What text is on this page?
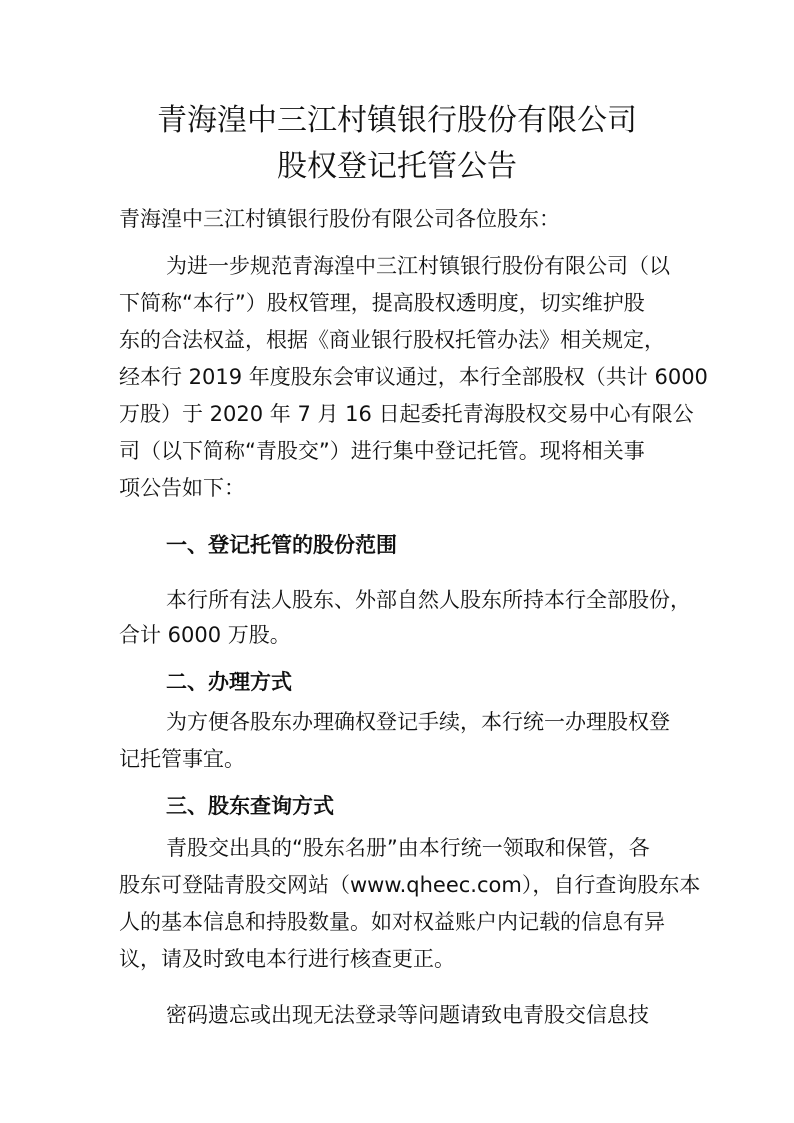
青海湟中三江村镇银行股份有限公司
股权登记托管公告
青海湟中三江村镇银行股份有限公司各位股东：
为进一步规范青海湟中三江村镇银行股份有限公司（以
下简称“本行”）股权管理，提高股权透明度，切实维护股
东的合法权益，根据《商业银行股权托管办法》相关规定，
经本行 2019 年度股东会审议通过，本行全部股权（共计 6000
万股）于 2020 年 7 月 16 日起委托青海股权交易中心有限公
司（以下简称“青股交”）进行集中登记托管。现将相关事
项公告如下：
一、登记托管的股份范围
本行所有法人股东、外部自然人股东所持本行全部股份，
合计 6000 万股。
二、办理方式
为方便各股东办理确权登记手续，本行统一办理股权登
记托管事宜。
三、股东查询方式
青股交出具的“股东名册”由本行统一领取和保管，各
股东可登陆青股交网站（www.qheec.com），自行查询股东本
人的基本信息和持股数量。如对权益账户内记载的信息有异
议，请及时致电本行进行核查更正。
密码遗忘或出现无法登录等问题请致电青股交信息技
